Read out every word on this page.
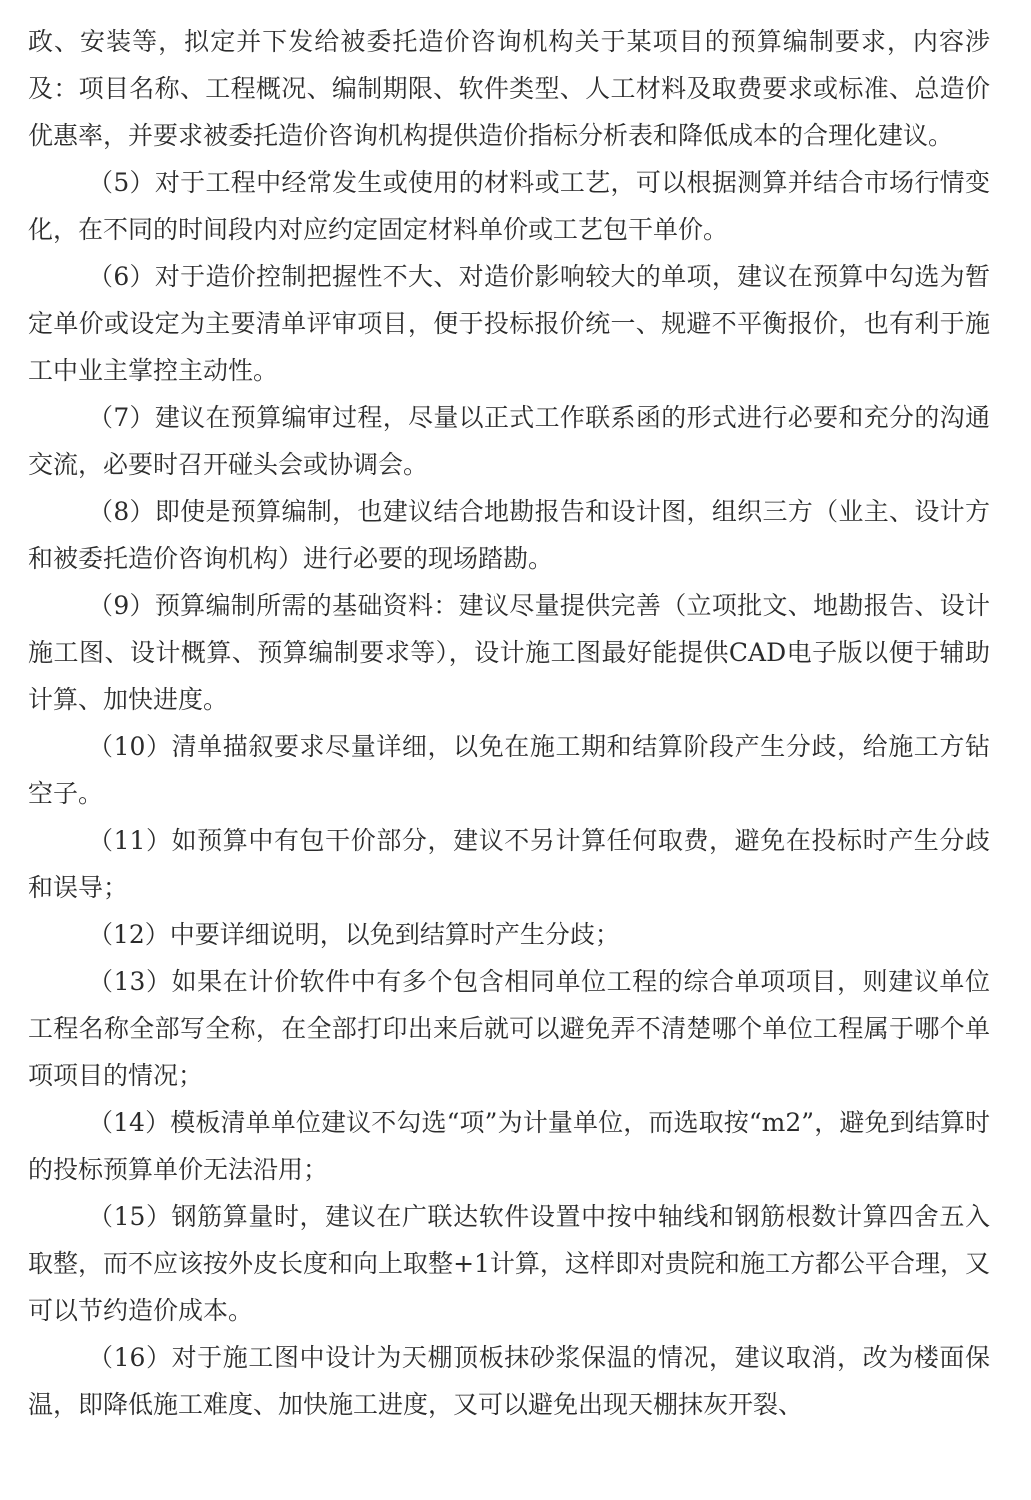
政、安装等，拟定并下发给被委托造价咨询机构关于某项目的预算编制要求，内容涉及：项目名称、工程概况、编制期限、软件类型、人工材料及取费要求或标准、总造价优惠率，并要求被委托造价咨询机构提供造价指标分析表和降低成本的合理化建议。

（5）对于工程中经常发生或使用的材料或工艺，可以根据测算并结合市场行情变化，在不同的时间段内对应约定固定材料单价或工艺包干单价。

（6）对于造价控制把握性不大、对造价影响较大的单项，建议在预算中勾选为暂定单价或设定为主要清单评审项目，便于投标报价统一、规避不平衡报价，也有利于施工中业主掌控主动性。

（7）建议在预算编审过程，尽量以正式工作联系函的形式进行必要和充分的沟通交流，必要时召开碰头会或协调会。

（8）即使是预算编制，也建议结合地勘报告和设计图，组织三方（业主、设计方和被委托造价咨询机构）进行必要的现场踏勘。

（9）预算编制所需的基础资料：建议尽量提供完善（立项批文、地勘报告、设计施工图、设计概算、预算编制要求等），设计施工图最好能提供CAD电子版以便于辅助计算、加快进度。

（10）清单描叙要求尽量详细，以免在施工期和结算阶段产生分歧，给施工方钻空子。

（11）如预算中有包干价部分，建议不另计算任何取费，避免在投标时产生分歧和误导；

（12）中要详细说明，以免到结算时产生分歧；

（13）如果在计价软件中有多个包含相同单位工程的综合单项项目，则建议单位工程名称全部写全称，在全部打印出来后就可以避免弄不清楚哪个单位工程属于哪个单项项目的情况；

（14）模板清单单位建议不勾选“项”为计量单位，而选取按“m2”，避免到结算时的投标预算单价无法沿用；

（15）钢筋算量时，建议在广联达软件设置中按中轴线和钢筋根数计算四舍五入取整，而不应该按外皮长度和向上取整+1计算，这样即对贵院和施工方都公平合理，又可以节约造价成本。

（16）对于施工图中设计为天棚顶板抹砂浆保温的情况，建议取消，改为楼面保温，即降低施工难度、加快施工进度，又可以避免出现天棚抹灰开裂、
